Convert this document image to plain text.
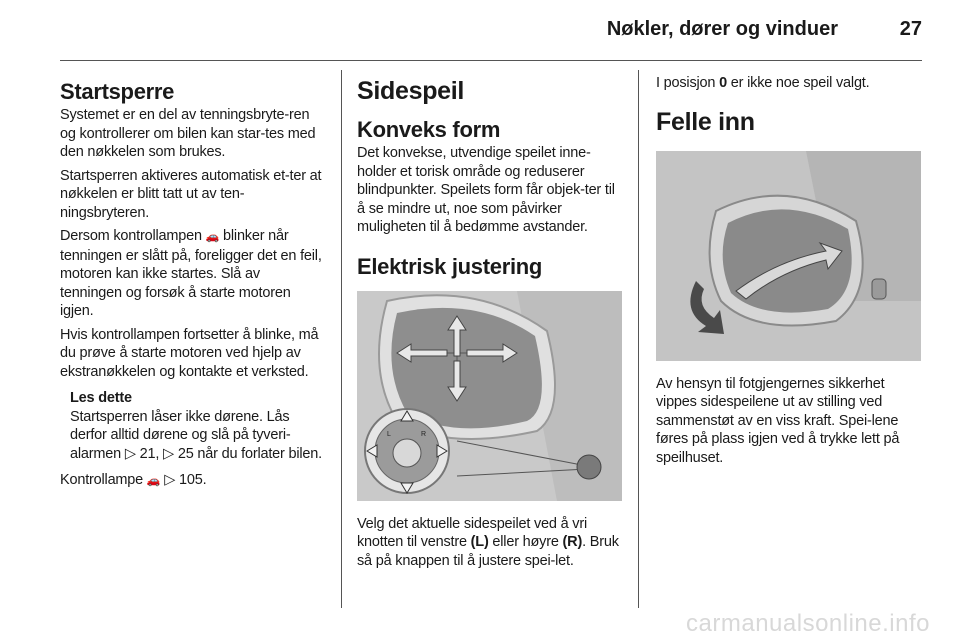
Nøkler, dører og vinduer	27
Startsperre

Systemet er en del av tenningsbryte-ren og kontrollerer om bilen kan star-tes med den nøkkelen som brukes.

Startsperren aktiveres automatisk et-ter at nøkkelen er blitt tatt ut av ten-ningsbryteren.

Dersom kontrollampen 🚗 blinker når tenningen er slått på, foreligger det en feil, motoren kan ikke startes. Slå av tenningen og forsøk å starte motoren igjen.

Hvis kontrollampen fortsetter å blinke, må du prøve å starte motoren ved hjelp av ekstranøkkelen og kontakte et verksted.

Les dette
Startsperren låser ikke dørene. Lås derfor alltid dørene og slå på tyveri-alarmen ▷ 21, ▷ 25 når du forlater bilen.

Kontrollampe 🚗 ▷ 105.

Sidespeil
Konveks form

Det konvekse, utvendige speilet inne-holder et torisk område og reduserer blindpunkter. Speilets form får objek-ter til å se mindre ut, noe som påvirker muligheten til å bedømme avstander.

Elektrisk justering
L	R

Velg det aktuelle sidespeilet ved å vri knotten til venstre (L) eller høyre (R). Bruk så på knappen til å justere spei-let.

I posisjon 0 er ikke noe speil valgt.

Felle inn

Av hensyn til fotgjengernes sikkerhet vippes sidespeilene ut av stilling ved sammenstøt av en viss kraft. Spei-lene føres på plass igjen ved å trykke lett på speilhuset.

carmanualsonline.info
